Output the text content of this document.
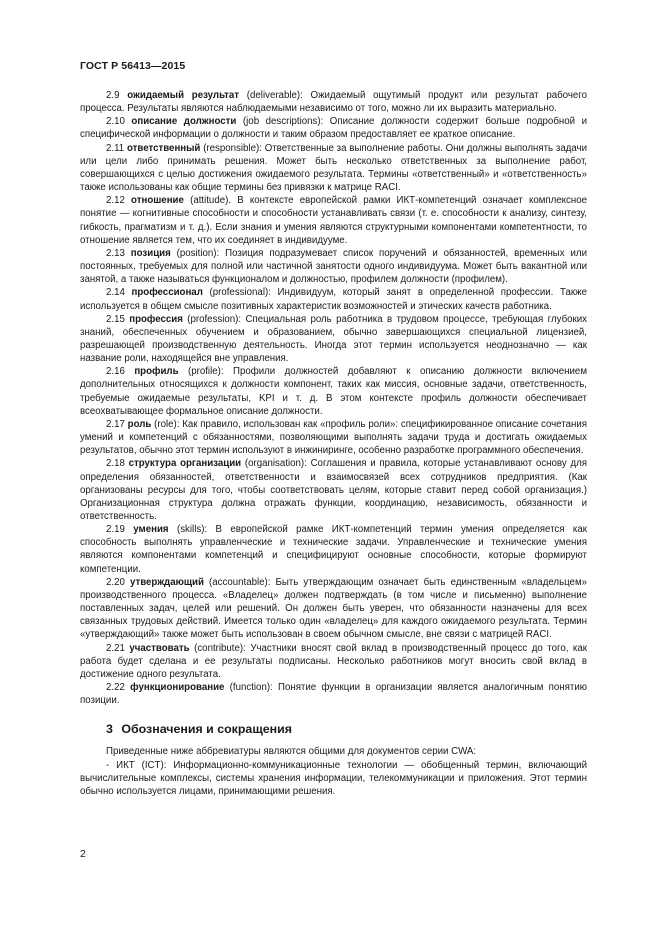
ГОСТ Р 56413—2015

2.9 ожидаемый результат (deliverable): Ожидаемый ощутимый продукт или результат рабочего процесса. Результаты являются наблюдаемыми независимо от того, можно ли их выразить материально.

2.10 описание должности (job descriptions): Описание должности содержит больше подробной и специфической информации о должности и таким образом предоставляет ее краткое описание.

2.11 ответственный (responsible): Ответственные за выполнение работы. Они должны выполнять задачи или цели либо принимать решения. Может быть несколько ответственных за выполнение работ, совершающихся с целью достижения ожидаемого результата. Термины «ответственный» и «ответственность» также использованы как общие термины без привязки к матрице RACI.

2.12 отношение (attitude). В контексте европейской рамки ИКТ-компетенций означает комплексное понятие — когнитивные способности и способности устанавливать связи (т. е. способности к анализу, синтезу, гибкость, прагматизм и т. д.). Если знания и умения являются структурными компонентами компетентности, то отношение является тем, что их соединяет в индивидууме.

2.13 позиция (position): Позиция подразумевает список поручений и обязанностей, временных или постоянных, требуемых для полной или частичной занятости одного индивидуума. Может быть вакантной или занятой, а также называться функционалом и должностью, профилем должности (профилем).

2.14 профессионал (professional): Индивидуум, который занят в определенной профессии. Также используется в общем смысле позитивных характеристик возможностей и этических качеств работника.

2.15 профессия (profession): Специальная роль работника в трудовом процессе, требующая глубоких знаний, обеспеченных обучением и образованием, обычно завершающихся специальной лицензией, разрешающей производственную деятельность. Иногда этот термин используется неоднозначно — как название роли, находящейся вне управления.

2.16 профиль (profile): Профили должностей добавляют к описанию должности включением дополнительных относящихся к должности компонент, таких как миссия, основные задачи, ответственность, требуемые ожидаемые результаты, KPI и т. д. В этом контексте профиль должности обеспечивает всеохватывающее формальное описание должности.

2.17 роль (role): Как правило, использован как «профиль роли»: спецификированное описание сочетания умений и компетенций с обязанностями, позволяющими выполнять задачи труда и достигать ожидаемых результатов, обычно этот термин используют в инжиниринге, особенно разработке программного обеспечения.

2.18 структура организации (organisation): Соглашения и правила, которые устанавливают основу для определения обязанностей, ответственности и взаимосвязей всех сотрудников предприятия. (Как организованы ресурсы для того, чтобы соответствовать целям, которые ставит перед собой организация.) Организационная структура должна отражать функции, координацию, независимость, обязанности и ответственность.

2.19 умения (skills): В европейской рамке ИКТ-компетенций термин умения определяется как способность выполнять управленческие и технические задачи. Управленческие и технические умения являются компонентами компетенций и специфицируют основные способности, которые формируют компетенции.

2.20 утверждающий (accountable): Быть утверждающим означает быть единственным «владельцем» производственного процесса. «Владелец» должен подтверждать (в том числе и письменно) выполнение поставленных задач, целей или решений. Он должен быть уверен, что обязанности назначены для всех связанных трудовых действий. Имеется только один «владелец» для каждого ожидаемого результата. Термин «утверждающий» также может быть использован в своем обычном смысле, вне связи с матрицей RACI.

2.21 участвовать (contribute): Участники вносят свой вклад в производственный процесс до того, как работа будет сделана и ее результаты подписаны. Несколько работников могут вносить свой вклад в достижение одного результата.

2.22 функционирование (function): Понятие функции в организации является аналогичным понятию позиции.

3 Обозначения и сокращения

Приведенные ниже аббревиатуры являются общими для документов серии CWA:

- ИКТ (ICT): Информационно-коммуникационные технологии — обобщенный термин, включающий вычислительные комплексы, системы хранения информации, телекоммуникации и приложения. Этот термин обычно используется лицами, принимающими решения.

2
